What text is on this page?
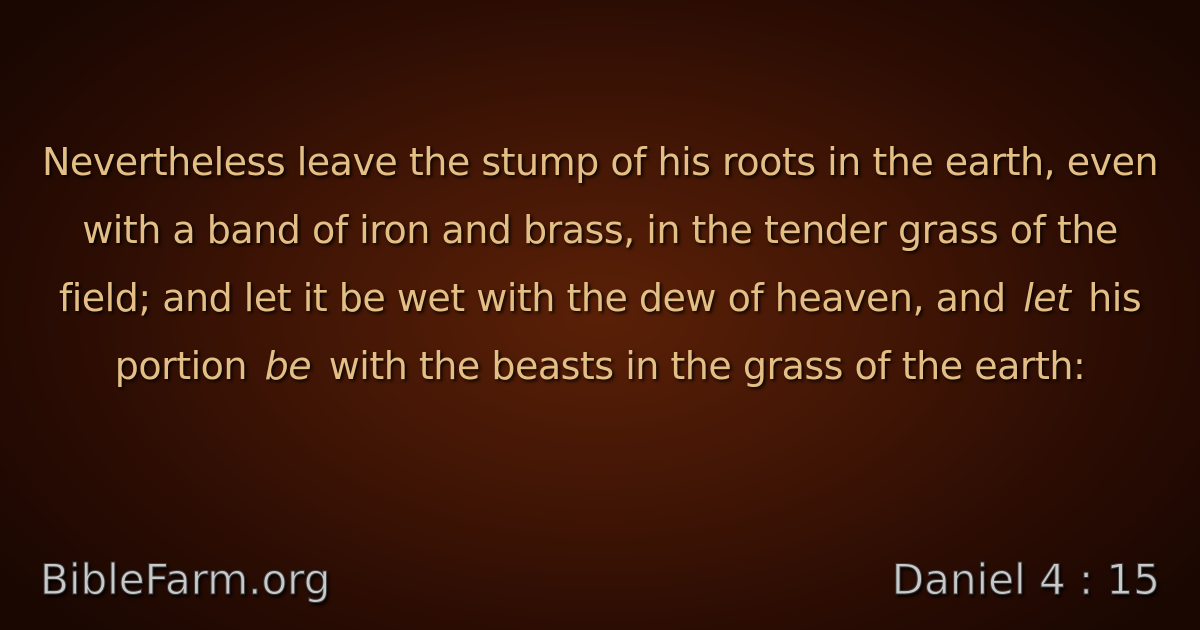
Nevertheless leave the stump of his roots in the earth, even with a band of iron and brass, in the tender grass of the field; and let it be wet with the dew of heaven, and let his portion be with the beasts in the grass of the earth:

BibleFarm.org	Daniel 4 : 15
